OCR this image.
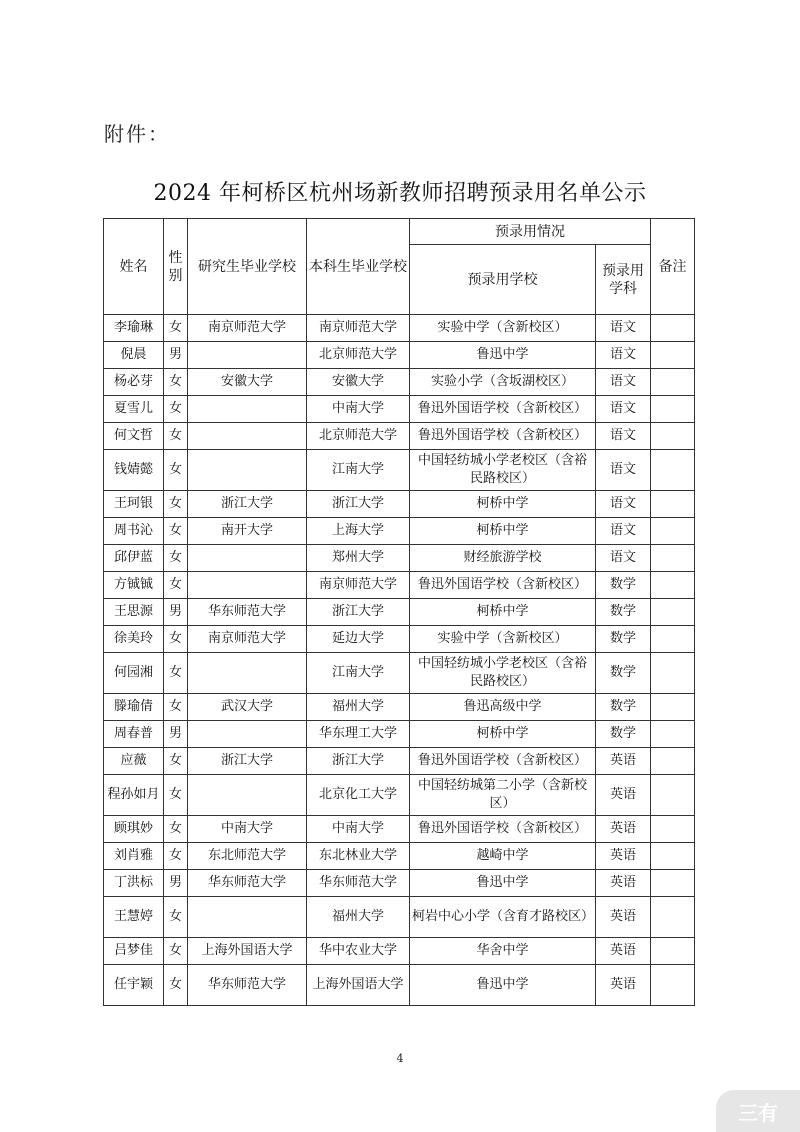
附件：
2024 年柯桥区杭州场新教师招聘预录用名单公示
姓名	性别	研究生毕业学校	本科生毕业学校	预录用情况		备注
				预录用学校	预录用学科	
李瑜琳	女	南京师范大学	南京师范大学	实验中学（含新校区）	语文	
倪晨	男		北京师范大学	鲁迅中学	语文	
杨必芽	女	安徽大学	安徽大学	实验小学（含坂湖校区）	语文	
夏雪儿	女		中南大学	鲁迅外国语学校（含新校区）	语文	
何文哲	女		北京师范大学	鲁迅外国语学校（含新校区）	语文	
钱婧懿	女		江南大学	中国轻纺城小学老校区（含裕民路校区）	语文	
王珂银	女	浙江大学	浙江大学	柯桥中学	语文	
周书沁	女	南开大学	上海大学	柯桥中学	语文	
邱伊蓝	女		郑州大学	财经旅游学校	语文	
方铖铖	女		南京师范大学	鲁迅外国语学校（含新校区）	数学	
王思源	男	华东师范大学	浙江大学	柯桥中学	数学	
徐美玲	女	南京师范大学	延边大学	实验中学（含新校区）	数学	
何园湘	女		江南大学	中国轻纺城小学老校区（含裕民路校区）	数学	
滕瑜倩	女	武汉大学	福州大学	鲁迅高级中学	数学	
周春普	男		华东理工大学	柯桥中学	数学	
应薇	女	浙江大学	浙江大学	鲁迅外国语学校（含新校区）	英语	
程孙如月	女		北京化工大学	中国轻纺城第二小学（含新校区）	英语	
顾琪妙	女	中南大学	中南大学	鲁迅外国语学校（含新校区）	英语	
刘肖雅	女	东北师范大学	东北林业大学	越崎中学	英语	
丁洪标	男	华东师范大学	华东师范大学	鲁迅中学	英语	
王慧婷	女		福州大学	柯岩中心小学（含育才路校区）	英语	
吕梦佳	女	上海外国语大学	华中农业大学	华舍中学	英语	
任宇颖	女	华东师范大学	上海外国语大学	鲁迅中学	英语	
4
三有
